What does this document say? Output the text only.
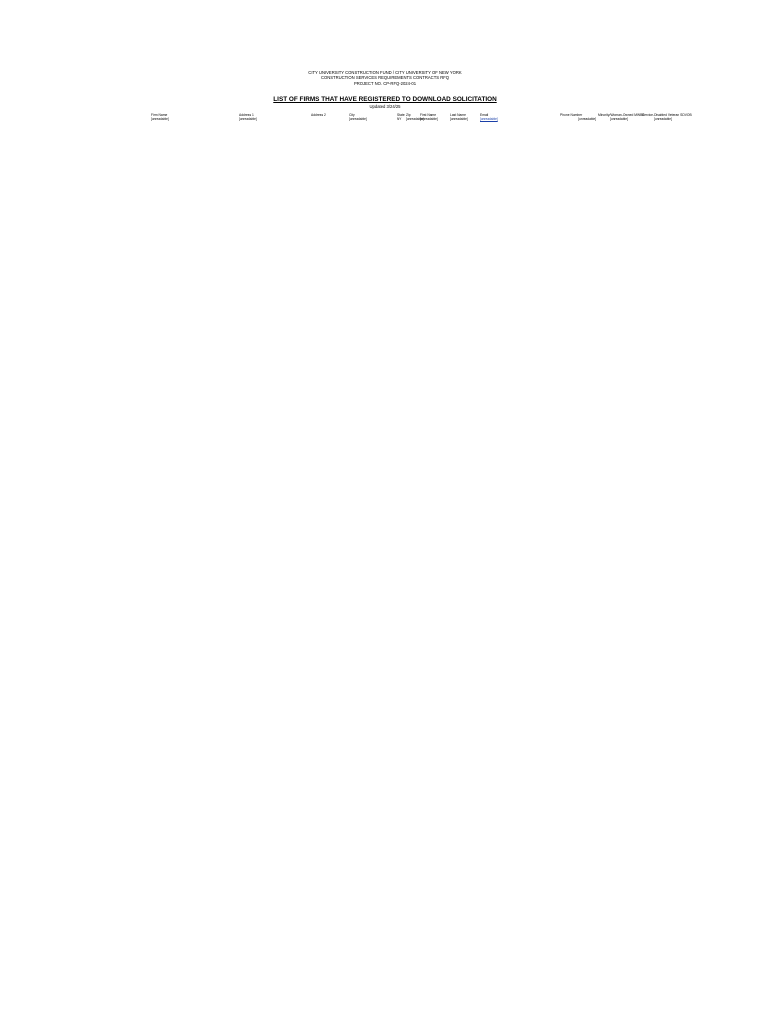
CITY UNIVERSITY CONSTRUCTION FUND / CITY UNIVERSITY OF NEW YORK
CONSTRUCTION SERVICES REQUIREMENTS CONTRACTS RFQ
PROJECT NO. CP-RFQ-2024-01
LIST OF FIRMS THAT HAVE REGISTERED TO DOWNLOAD SOLICITATION
Updated 3/24/25
Firm Name	Address 1	Address 2	City	State	Zip	First Name	Last Name	Email	Phone Number	Minority/Woman-Owned MWBE	Service-Disabled Veteran SDVOB
[unreadable]	[unreadable]		[unreadable]	NY	[unreadable]	[unreadable]	[unreadable]	[unreadable]	[unreadable]	[unreadable]	[unreadable]
